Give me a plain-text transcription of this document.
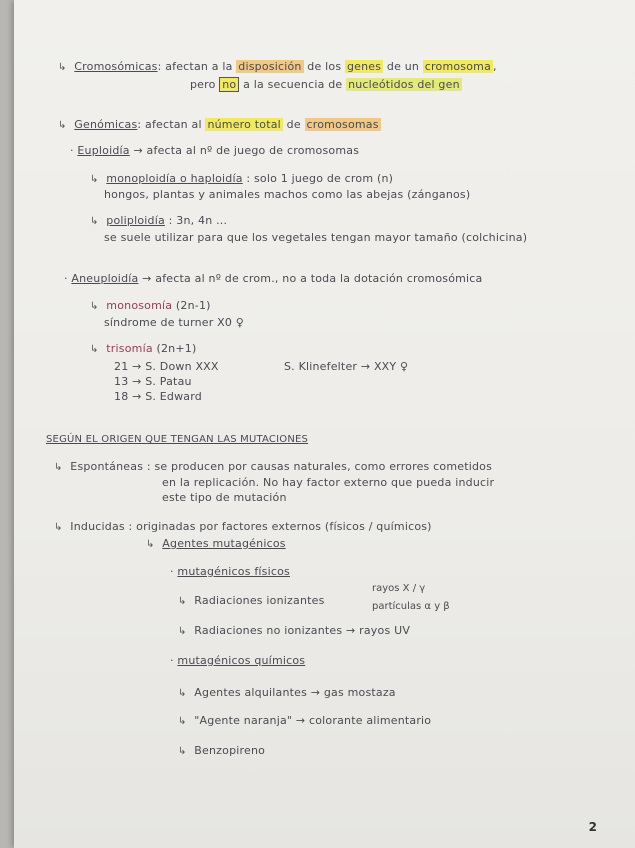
↳ Cromosómicas: afectan a la disposición de los genes de un cromosoma ,
pero no a la secuencia de nucleótidos del gen
↳ Genómicas: afectan al número total de cromosomas
· Euploidía → afecta al nº de juego de cromosomas
↳ monoploidía o haploidía : solo 1 juego de crom (n)
hongos, plantas y animales machos como las abejas (zánganos)
↳ poliploidía : 3n, 4n ...
se suele utilizar para que los vegetales tengan mayor tamaño (colchicina)
· Aneuploidía → afecta al nº de crom., no a toda la dotación cromosómica
↳ monosomía (2n-1)
síndrome de turner X0 ♀
↳ trisomía (2n+1)
21 → S. Down XXX	S. Klinefelter → XXY ♀
13 → S. Patau
18 → S. Edward
SEGÚN EL ORIGEN QUE TENGAN LAS MUTACIONES
↳ Espontáneas : se producen por causas naturales, como errores cometidos
en la replicación. No hay factor externo que pueda inducir
este tipo de mutación
↳ Inducidas : originadas por factores externos (físicos / químicos)
↳ Agentes mutagénicos
· mutagénicos físicos
↳ Radiaciones ionizantes
rayos X / γ
partículas α y β
↳ Radiaciones no ionizantes → rayos UV
· mutagénicos químicos
↳ Agentes alquilantes → gas mostaza
↳ "Agente naranja" → colorante alimentario
↳ Benzopireno
2
